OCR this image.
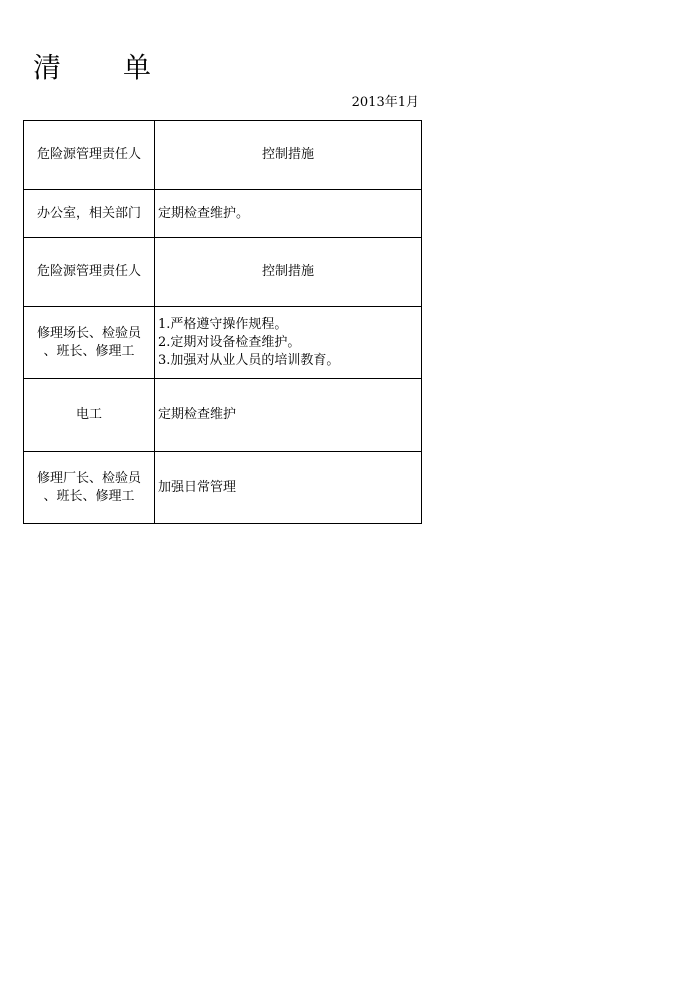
清 单
2013年1月
危险源管理责任人	控制措施

办公室，相关部门	定期检查维护。

危险源管理责任人	控制措施

修理场长、检验员
、班长、修理工	1.严格遵守操作规程。
2.定期对设备检查维护。
3.加强对从业人员的培训教育。

电工	定期检查维护

修理厂长、检验员
、班长、修理工	加强日常管理
